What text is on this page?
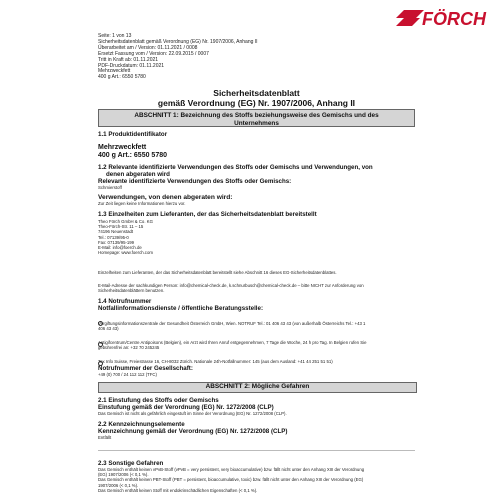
FÖRCH
Seite: 1 von 13
Sicherheitsdatenblatt gemäß Verordnung (EG) Nr. 1907/2006, Anhang II
Überarbeitet am / Version: 01.11.2021 / 0008
Ersetzt Fassung vom / Version: 22.09.2015 / 0007
Tritt in Kraft ab: 01.11.2021
PDF-Druckdatum: 01.11.2021
Mehrzweckfett
400 g Art.: 6550 5780
Sicherheitsdatenblatt
gemäß Verordnung (EG) Nr. 1907/2006, Anhang II
ABSCHNITT 1: Bezeichnung des Stoffs beziehungsweise des Gemischs und des
Unternehmens
1.1 Produktidentifikator
Mehrzweckfett
400 g Art.: 6550 5780
1.2 Relevante identifizierte Verwendungen des Stoffs oder Gemischs und Verwendungen, von
denen abgeraten wird
Relevante identifizierte Verwendungen des Stoffs oder Gemischs:
Schmierstoff
Verwendungen, von denen abgeraten wird:
Zur Zeit liegen keine Informationen hierzu vor.
1.3 Einzelheiten zum Lieferanten, der das Sicherheitsdatenblatt bereitstellt
Theo Förch GmbH & Co. KG
Theo-Förch-Str. 11 – 15
74196 Neuenstadt
Tel.: 07139/95-0
Fax: 07139/95-199
E-Mail: info@foerch.de
Homepage: www.foerch.com
Einzelheiten zum Lieferanten, der das Sicherheitsdatenblatt bereitstellt siehe Abschnitt 16 dieses EG-Sicherheitsdatenblattes.
E-Mail-Adresse der sachkundigen Person: info@chemical-check.de, k.schnurbusch@chemical-check.de – bitte NICHT zur Anforderung von
Sicherheitsdatenblättern benutzen.
1.4 Notrufnummer
Notfallinformationsdienste / öffentliche Beratungsstelle:
Vergiftungsinformationszentrale der Gesundheit Österreich GmbH, Wien. NOTRUF Tel.: 01 406 43 43 (von außerhalb Österreichs Tel.: +43 1
406 43 43)
Antigifcentrum/Centre Antipoisons (Belgien), ein Arzt wird Ihren Anruf entgegennehmen, 7 Tage die Woche, 24 h pro Tag. In Belgien rufen Sie
gebührenfrei an: +32 70 245245
Tox Info Suisse, Freiestrasse 16, CH-8032 Zürich. Nationale 24h-Notfallnummer: 145 (aus dem Ausland: +41 44 251 51 51)
Notrufnummer der Gesellschaft:
+49 (0) 700 / 24 112 112 (TFC)
ABSCHNITT 2: Mögliche Gefahren
2.1 Einstufung des Stoffs oder Gemischs
Einstufung gemäß der Verordnung (EG) Nr. 1272/2008 (CLP)
Das Gemisch ist nicht als gefährlich eingestuft im Sinne der Verordnung (EG) Nr. 1272/2008 (CLP).
2.2 Kennzeichnungselemente
Kennzeichnung gemäß der Verordnung (EG) Nr. 1272/2008 (CLP)
Entfällt
2.3 Sonstige Gefahren
Das Gemisch enthält keinen vPvB-Stoff (vPvB = very persistent, very bioaccumulative) bzw. fällt nicht unter den Anhang XIII der Verordnung
(EG) 1907/2006 (< 0,1 %).
Das Gemisch enthält keinen PBT-Stoff (PBT = persistent, bioaccumulative, toxic) bzw. fällt nicht unter den Anhang XIII der Verordnung (EG)
1907/2006 (< 0,1 %).
Das Gemisch enthält keinen Stoff mit endokrinschädlichen Eigenschaften (< 0,1 %).
